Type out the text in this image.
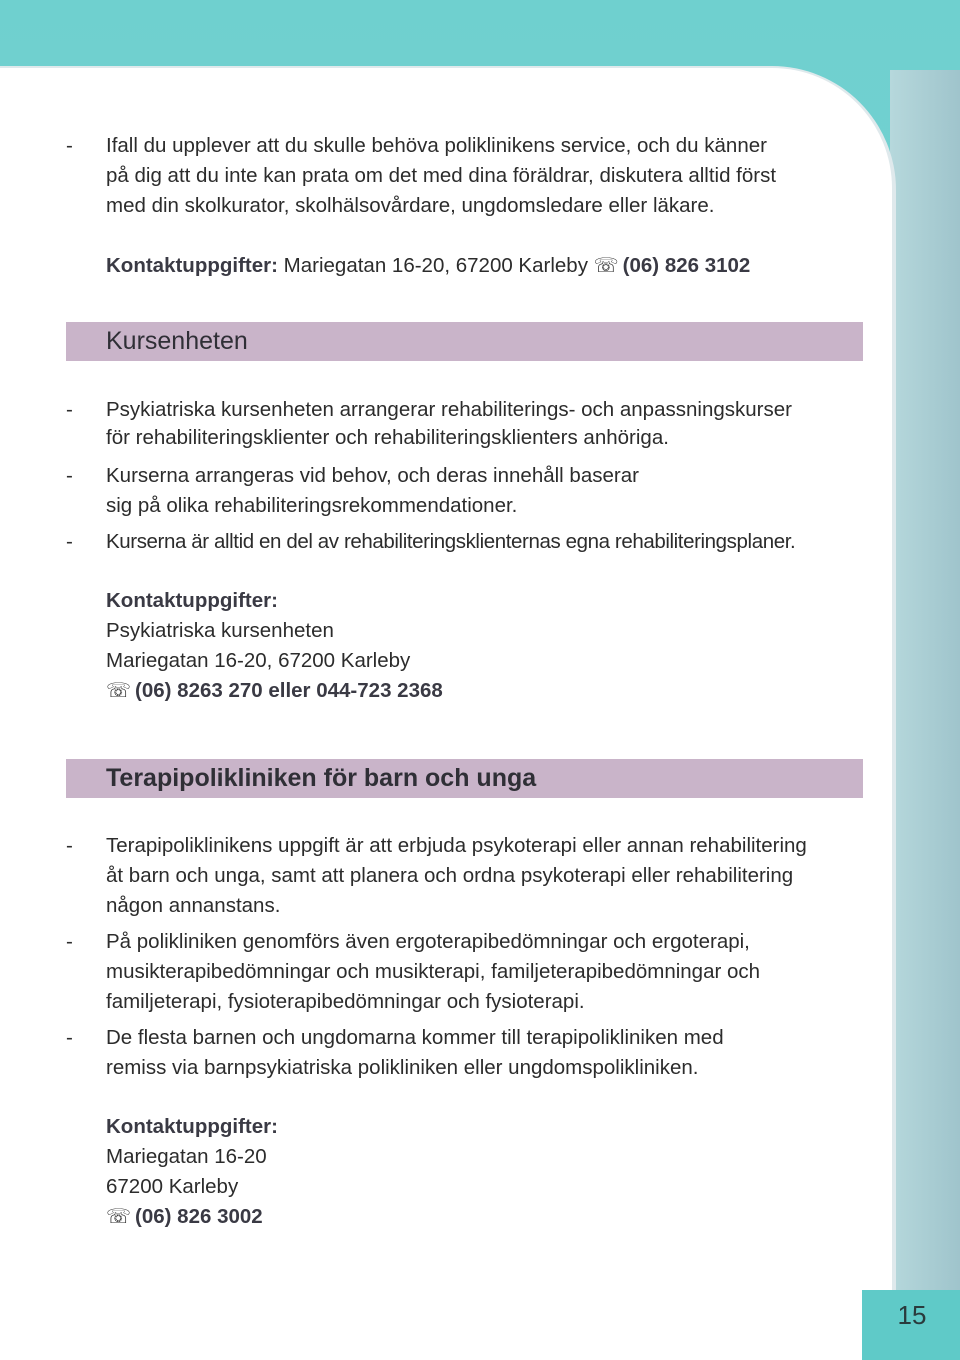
- Ifall du upplever att du skulle behöva poliklinikens service, och du känner
på dig att du inte kan prata om det med dina föräldrar, diskutera alltid först
med din skolkurator, skolhälsovårdare, ungdomsledare eller läkare.
Kontaktuppgifter: Mariegatan 16-20, 67200 Karleby ☏ (06) 826 3102
Kursenheten
- Psykiatriska kursenheten arrangerar rehabiliterings- och anpassningskurser
för rehabiliteringsklienter och rehabiliteringsklienters anhöriga.
- Kurserna arrangeras vid behov, och deras innehåll baserar
sig på olika rehabiliteringsrekommendationer.
- Kurserna är alltid en del av rehabiliteringsklienternas egna rehabiliteringsplaner.
Kontaktuppgifter:
Psykiatriska kursenheten
Mariegatan 16-20, 67200 Karleby
☏ (06) 8263 270 eller 044-723 2368
Terapipolikliniken för barn och unga
- Terapipoliklinikens uppgift är att erbjuda psykoterapi eller annan rehabilitering
åt barn och unga, samt att planera och ordna psykoterapi eller rehabilitering
någon annanstans.
- På polikliniken genomförs även ergoterapibedömningar och ergoterapi,
musikterapibedömningar och musikterapi, familjeterapibedömningar och
familjeterapi, fysioterapibedömningar och fysioterapi.
- De flesta barnen och ungdomarna kommer till terapipolikliniken med
remiss via barnpsykiatriska polikliniken eller ungdomspolikliniken.
Kontaktuppgifter:
Mariegatan 16-20
67200 Karleby
☏ (06) 826 3002
15
